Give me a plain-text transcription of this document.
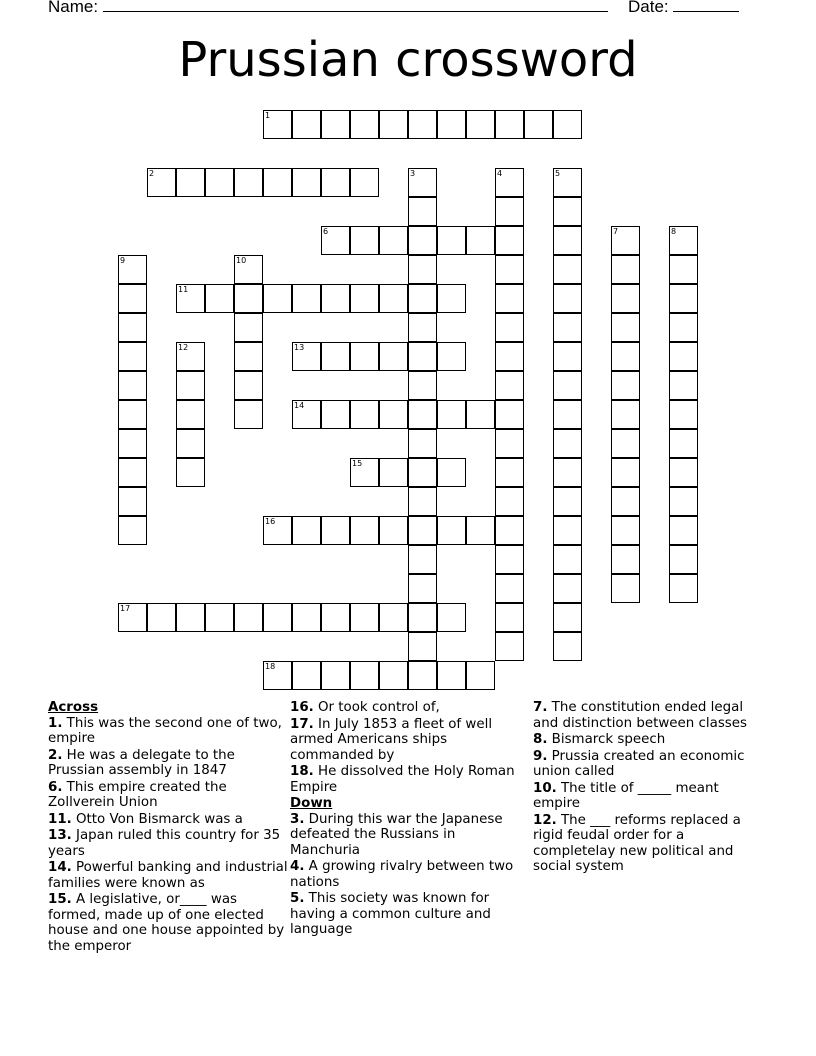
Name:	Date:
Prussian crossword
1
2	3	4	5
6	7	8
9	10
11
12	13
14
15
16
17
18
Across
1. This was the second one of two, empire
2. He was a delegate to the Prussian assembly in 1847
6. This empire created the Zollverein Union
11. Otto Von Bismarck was a
13. Japan ruled this country for 35 years
14. Powerful banking and industrial families were known as
15. A legislative, or____ was formed, made up of one elected house and one house appointed by the emperor
16. Or took control of,
17. In July 1853 a fleet of well armed Americans ships commanded by
18. He dissolved the Holy Roman Empire
Down
3. During this war the Japanese defeated the Russians in Manchuria
4. A growing rivalry between two nations
5. This society was known for having a common culture and language
7. The constitution ended legal and distinction between classes
8. Bismarck speech
9. Prussia created an economic union called
10. The title of _____ meant empire
12. The ___ reforms replaced a rigid feudal order for a completelay new political and social system
